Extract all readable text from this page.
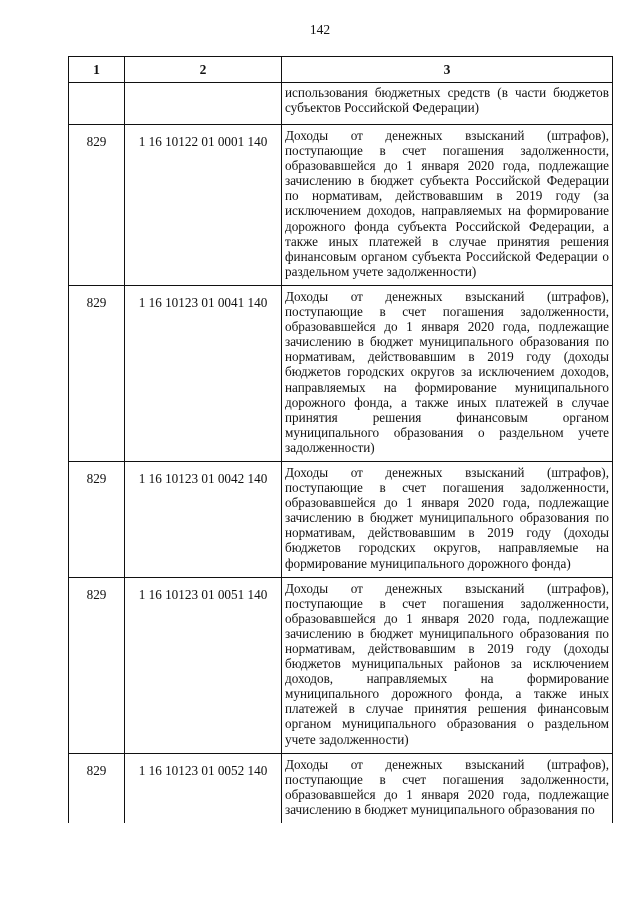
142
1	2	3
		использования бюджетных средств (в части бюджетов субъектов Российской Федерации)
829	1 16 10122 01 0001 140	Доходы от денежных взысканий (штрафов), поступающие в счет погашения задолженности, образовавшейся до 1 января 2020 года, подлежащие зачислению в бюджет субъекта Российской Федерации по нормативам, действовавшим в 2019 году (за исключением доходов, направляемых на формирование дорожного фонда субъекта Российской Федерации, а также иных платежей в случае принятия решения финансовым органом субъекта Российской Федерации о раздельном учете задолженности)
829	1 16 10123 01 0041 140	Доходы от денежных взысканий (штрафов), поступающие в счет погашения задолженности, образовавшейся до 1 января 2020 года, подлежащие зачислению в бюджет муниципального образования по нормативам, действовавшим в 2019 году (доходы бюджетов городских округов за исключением доходов, направляемых на формирование муниципального дорожного фонда, а также иных платежей в случае принятия решения финансовым органом муниципального образования о раздельном учете задолженности)
829	1 16 10123 01 0042 140	Доходы от денежных взысканий (штрафов), поступающие в счет погашения задолженности, образовавшейся до 1 января 2020 года, подлежащие зачислению в бюджет муниципального образования по нормативам, действовавшим в 2019 году (доходы бюджетов городских округов, направляемые на формирование муниципального дорожного фонда)
829	1 16 10123 01 0051 140	Доходы от денежных взысканий (штрафов), поступающие в счет погашения задолженности, образовавшейся до 1 января 2020 года, подлежащие зачислению в бюджет муниципального образования по нормативам, действовавшим в 2019 году (доходы бюджетов муниципальных районов за исключением доходов, направляемых на формирование муниципального дорожного фонда, а также иных платежей в случае принятия решения финансовым органом муниципального образования о раздельном учете задолженности)
829	1 16 10123 01 0052 140	Доходы от денежных взысканий (штрафов), поступающие в счет погашения задолженности, образовавшейся до 1 января 2020 года, подлежащие зачислению в бюджет муниципального образования по
